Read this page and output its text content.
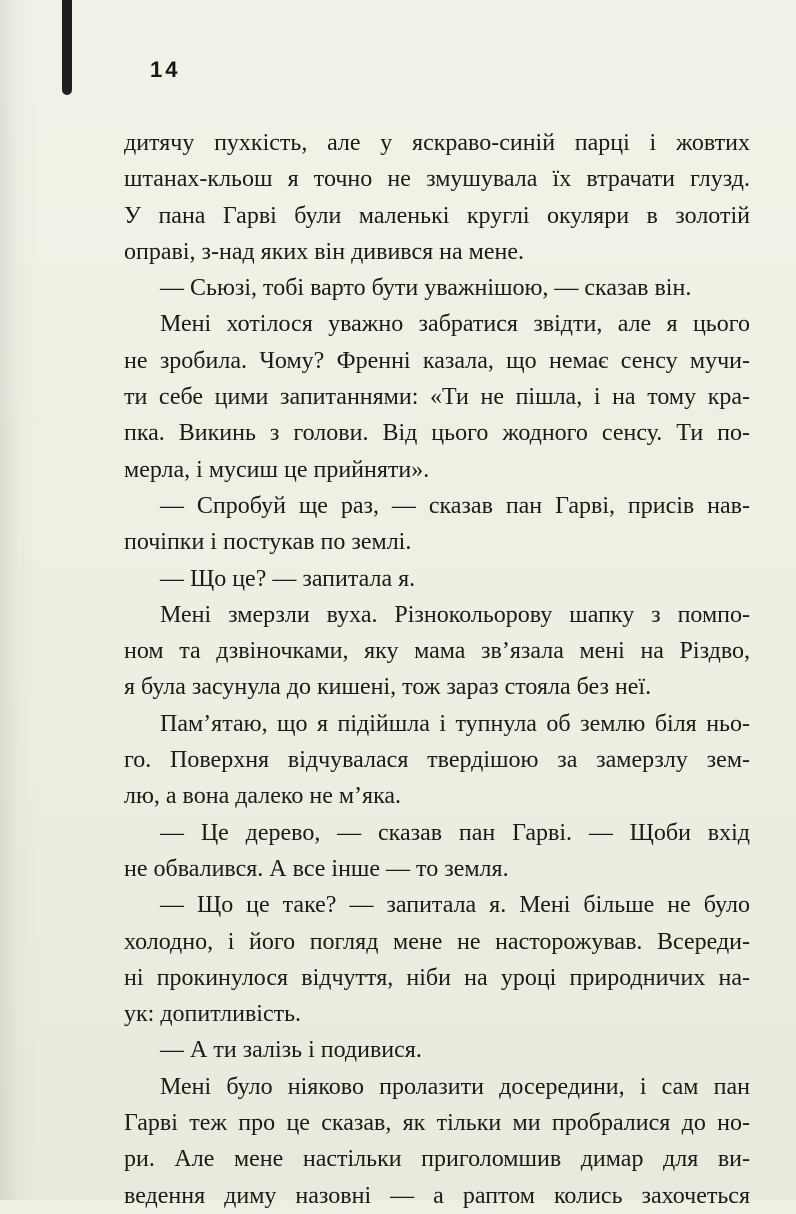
14
дитячу пухкість, але у яскраво-синій парці і жовтих
штанах-кльош я точно не змушувала їх втрачати глузд.
У пана Гарві були маленькі круглі окуляри в золотій
оправі, з-над яких він дивився на мене.
— Сьюзі, тобі варто бути уважнішою, — сказав він.
Мені хотілося уважно забратися звідти, але я цього
не зробила. Чому? Френні казала, що немає сенсу мучи-
ти себе цими запитаннями: «Ти не пішла, і на тому кра-
пка. Викинь з голови. Від цього жодного сенсу. Ти по-
мерла, і мусиш це прийняти».
— Спробуй ще раз, — сказав пан Гарві, присів нав-
почіпки і постукав по землі.
— Що це? — запитала я.
Мені змерзли вуха. Різнокольорову шапку з помпо-
ном та дзвіночками, яку мама зв’язала мені на Різдво,
я була засунула до кишені, тож зараз стояла без неї.
Пам’ятаю, що я підійшла і тупнула об землю біля ньо-
го. Поверхня відчувалася твердішою за замерзлу зем-
лю, а вона далеко не м’яка.
— Це дерево, — сказав пан Гарві. — Щоби вхід
не обвалився. А все інше — то земля.
— Що це таке? — запитала я. Мені більше не було
холодно, і його погляд мене не насторожував. Всереди-
ні прокинулося відчуття, ніби на уроці природничих на-
ук: допитливість.
— А ти залізь і подивися.
Мені було ніяково пролазити досередини, і сам пан
Гарві теж про це сказав, як тільки ми пробралися до но-
ри. Але мене настільки приголомшив димар для ви-
ведення диму назовні — а раптом колись захочеться
